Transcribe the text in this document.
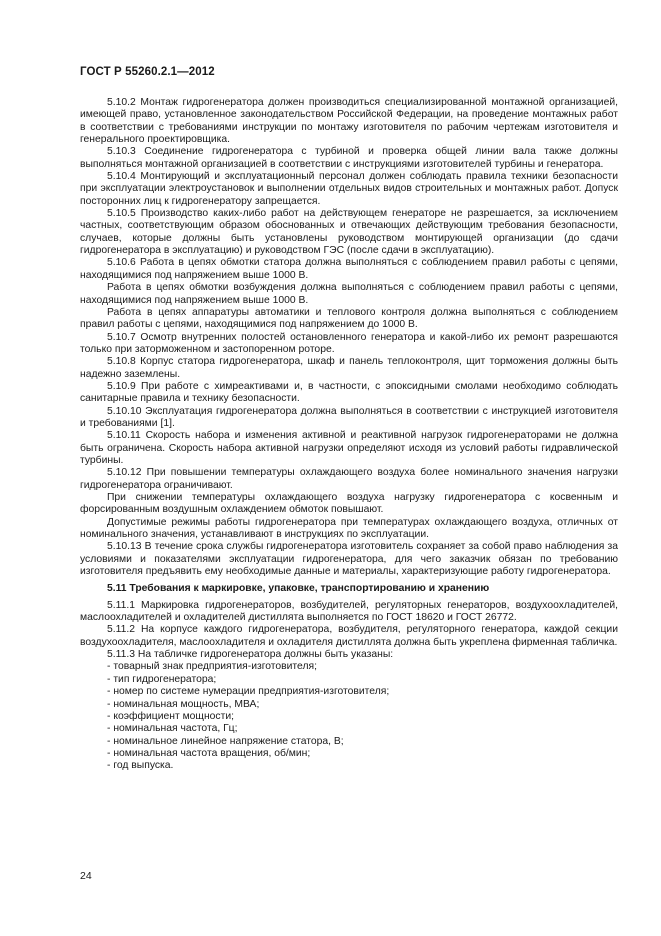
ГОСТ Р 55260.2.1—2012

5.10.2 Монтаж гидрогенератора должен производиться специализированной монтажной организацией, имеющей право, установленное законодательством Российской Федерации, на проведение монтажных работ в соответствии с требованиями инструкции по монтажу изготовителя по рабочим чертежам изготовителя и генерального проектировщика.

5.10.3 Соединение гидрогенератора с турбиной и проверка общей линии вала также должны выполняться монтажной организацией в соответствии с инструкциями изготовителей турбины и генератора.

5.10.4 Монтирующий и эксплуатационный персонал должен соблюдать правила техники безопасности при эксплуатации электроустановок и выполнении отдельных видов строительных и монтажных работ. Допуск посторонних лиц к гидрогенератору запрещается.

5.10.5 Производство каких-либо работ на действующем генераторе не разрешается, за исключением частных, соответствующим образом обоснованных и отвечающих действующим требования безопасности, случаев, которые должны быть установлены руководством монтирующей организации (до сдачи гидрогенератора в эксплуатацию) и руководством ГЭС (после сдачи в эксплуатацию).

5.10.6 Работа в цепях обмотки статора должна выполняться с соблюдением правил работы с цепями, находящимися под напряжением выше 1000 В.

Работа в цепях обмотки возбуждения должна выполняться с соблюдением правил работы с цепями, находящимися под напряжением выше 1000 В.

Работа в цепях аппаратуры автоматики и теплового контроля должна выполняться с соблюдением правил работы с цепями, находящимися под напряжением до 1000 В.

5.10.7 Осмотр внутренних полостей остановленного генератора и какой-либо их ремонт разрешаются только при заторможенном и застопоренном роторе.

5.10.8 Корпус статора гидрогенератора, шкаф и панель теплоконтроля, щит торможения должны быть надежно заземлены.

5.10.9 При работе с химреактивами и, в частности, с эпоксидными смолами необходимо соблюдать санитарные правила и технику безопасности.

5.10.10 Эксплуатация гидрогенератора должна выполняться в соответствии с инструкцией изготовителя и требованиями [1].

5.10.11 Скорость набора и изменения активной и реактивной нагрузок гидрогенераторами не должна быть ограничена. Скорость набора активной нагрузки определяют исходя из условий работы гидравлической турбины.

5.10.12 При повышении температуры охлаждающего воздуха более номинального значения нагрузки гидрогенератора ограничивают.

При снижении температуры охлаждающего воздуха нагрузку гидрогенератора с косвенным и форсированным воздушным охлаждением обмоток повышают.

Допустимые режимы работы гидрогенератора при температурах охлаждающего воздуха, отличных от номинального значения, устанавливают в инструкциях по эксплуатации.

5.10.13 В течение срока службы гидрогенератора изготовитель сохраняет за собой право наблюдения за условиями и показателями эксплуатации гидрогенератора, для чего заказчик обязан по требованию изготовителя предъявить ему необходимые данные и материалы, характеризующие работу гидрогенератора.

5.11 Требования к маркировке, упаковке, транспортированию и хранению

5.11.1 Маркировка гидрогенераторов, возбудителей, регуляторных генераторов, воздухоохладителей, маслоохладителей и охладителей дистиллята выполняется по ГОСТ 18620 и ГОСТ 26772.

5.11.2 На корпусе каждого гидрогенератора, возбудителя, регуляторного генератора, каждой секции воздухоохладителя, маслоохладителя и охладителя дистиллята должна быть укреплена фирменная табличка.

5.11.3 На табличке гидрогенератора должны быть указаны:

- товарный знак предприятия-изготовителя;
- тип гидрогенератора;
- номер по системе нумерации предприятия-изготовителя;
- номинальная мощность, МВА;
- коэффициент мощности;
- номинальная частота, Гц;
- номинальное линейное напряжение статора, В;
- номинальная частота вращения, об/мин;
- год выпуска.
24
